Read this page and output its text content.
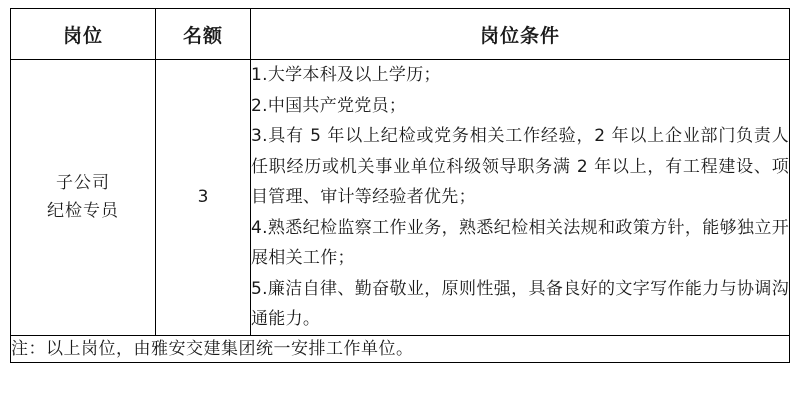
岗位	名额	岗位条件

子公司
纪检专员	3	1.大学本科及以上学历；
2.中国共产党党员；
3.具有 5 年以上纪检或党务相关工作经验，2 年以上企业部门负责人任职经历或机关事业单位科级领导职务满 2 年以上，有工程建设、项目管理、审计等经验者优先；
4.熟悉纪检监察工作业务，熟悉纪检相关法规和政策方针，能够独立开展相关工作；
5.廉洁自律、勤奋敬业，原则性强，具备良好的文字写作能力与协调沟通能力。

注：以上岗位，由雅安交建集团统一安排工作单位。		
